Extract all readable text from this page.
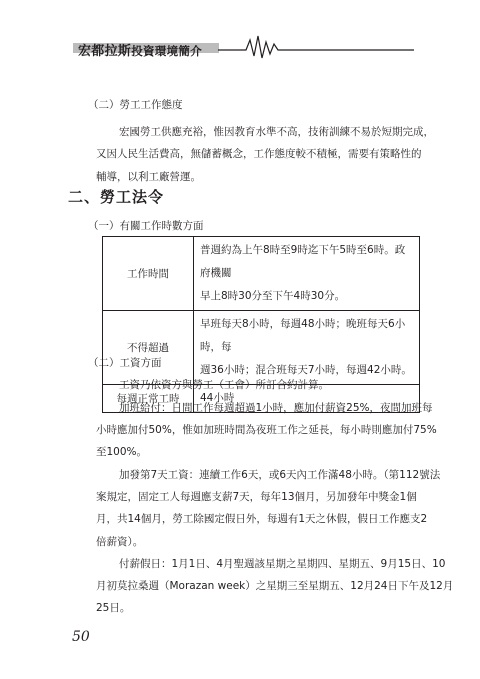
宏都拉斯投資環境簡介
（二）勞工工作態度
宏國勞工供應充裕，惟因教育水準不高，技術訓練不易於短期完成，
又因人民生活費高，無儲蓄概念，工作態度較不積極，需要有策略性的
輔導，以利工廠營運。
二、勞工法令
（一）有關工作時數方面
工作時間	普週約為上午8時至9時迄下午5時至6時。政府機關
早上8時30分至下午4時30分。

不得超過	早班每天8小時，每週48小時；晚班每天6小時，每
週36小時；混合班每天7小時，每週42小時。

每週正常工時	44小時
（二）工資方面
工資乃依資方與勞工（工會）所訂合約計算。
加班給付：日間工作每週超過1小時，應加付薪資25%，夜間加班每
小時應加付50%，惟如加班時間為夜班工作之延長，每小時則應加付75%
至100%。
加發第7天工資：連續工作6天，或6天內工作滿48小時。（第112號法
案規定，固定工人每週應支薪7天，每年13個月，另加發年中獎金1個
月，共14個月，勞工除國定假日外，每週有1天之休假，假日工作應支2
倍薪資）。
付薪假日：1月1日、4月聖週該星期之星期四、星期五、9月15日、10
月初莫拉桑週（Morazan week）之星期三至星期五、12月24日下午及12月
25日。
50
